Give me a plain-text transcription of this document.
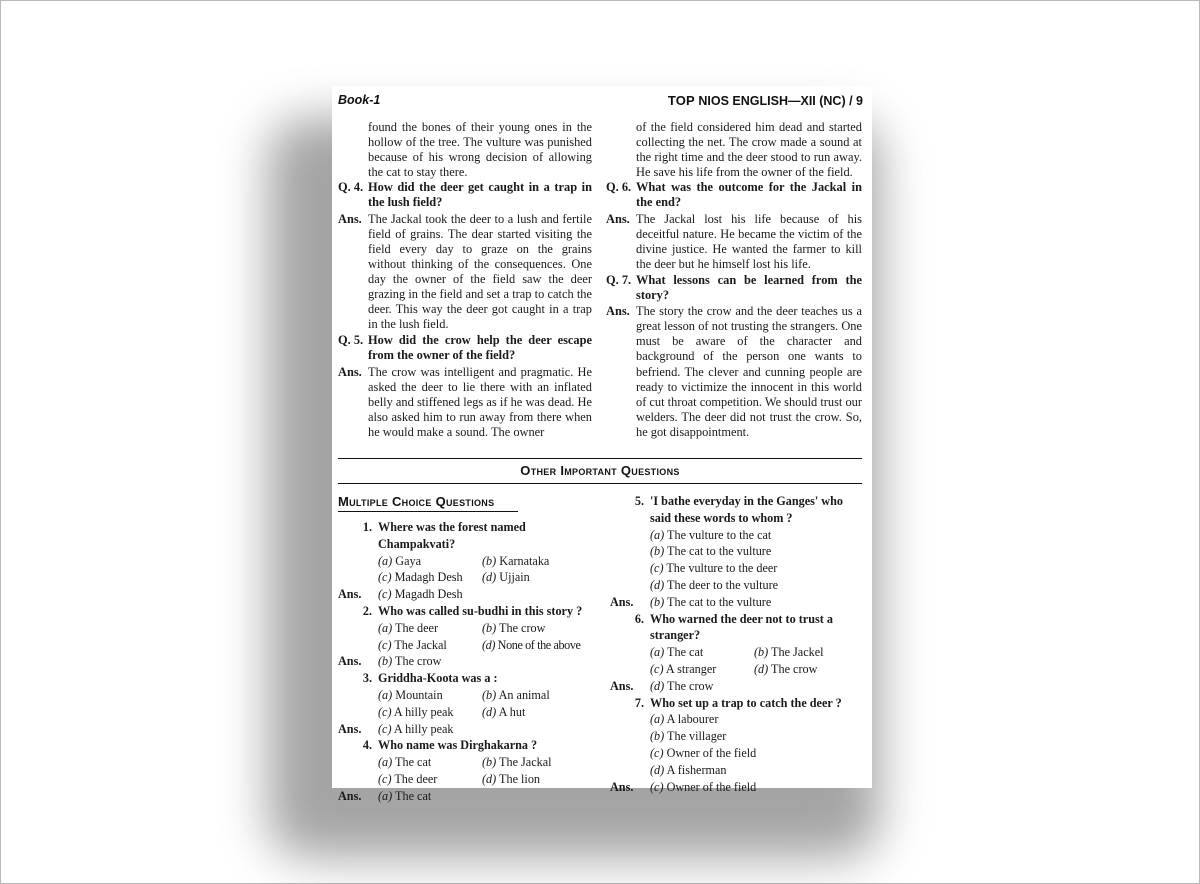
Book-1	TOP NIOS ENGLISH—XII (NC) / 9

found the bones of their young ones in the hollow of the tree. The vulture was punished because of his wrong decision of allowing the cat to stay there.

Q. 4. How did the deer get caught in a trap in the lush field?
Ans. The Jackal took the deer to a lush and fertile field of grains. The dear started visiting the field every day to graze on the grains without thinking of the consequences. One day the owner of the field saw the deer grazing in the field and set a trap to catch the deer. This way the deer got caught in a trap in the lush field.
Q. 5. How did the crow help the deer escape from the owner of the field?
Ans. The crow was intelligent and pragmatic. He asked the deer to lie there with an inflated belly and stiffened legs as if he was dead. He also asked him to run away from there when he would make a sound. The owner

of the field considered him dead and started collecting the net. The crow made a sound at the right time and the deer stood to run away. He save his life from the owner of the field.

Q. 6. What was the outcome for the Jackal in the end?
Ans. The Jackal lost his life because of his deceitful nature. He became the victim of the divine justice. He wanted the farmer to kill the deer but he himself lost his life.
Q. 7. What lessons can be learned from the story?
Ans. The story the crow and the deer teaches us a great lesson of not trusting the strangers. One must be aware of the character and background of the person one wants to befriend. The clever and cunning people are ready to victimize the innocent in this world of cut throat competition. We should trust our welders. The deer did not trust the crow. So, he got disappointment.
Other Important Questions
Multiple Choice Questions
1. Where was the forest named Champakvati?
(a) Gaya	(b) Karnataka
(c) Madagh Desh	(d) Ujjain
Ans.	(c) Magadh Desh
2. Who was called su-budhi in this story ?
(a) The deer	(b) The crow
(c) The Jackal	(d) None of the above
Ans.	(b) The crow
3. Griddha-Koota was a :
(a) Mountain	(b) An animal
(c) A hilly peak	(d) A hut
Ans.	(c) A hilly peak
4. Who name was Dirghakarna ?
(a) The cat	(b) The Jackal
(c) The deer	(d) The lion
Ans.	(a) The cat
5. 'I bathe everyday in the Ganges' who said these words to whom ?
(a) The vulture to the cat
(b) The cat to the vulture
(c) The vulture to the deer
(d) The deer to the vulture
Ans.	(b) The cat to the vulture
6. Who warned the deer not to trust a stranger?
(a) The cat	(b) The Jackel
(c) A stranger	(d) The crow
Ans.	(d) The crow
7. Who set up a trap to catch the deer ?
(a) A labourer
(b) The villager
(c) Owner of the field
(d) A fisherman
Ans.	(c) Owner of the field
